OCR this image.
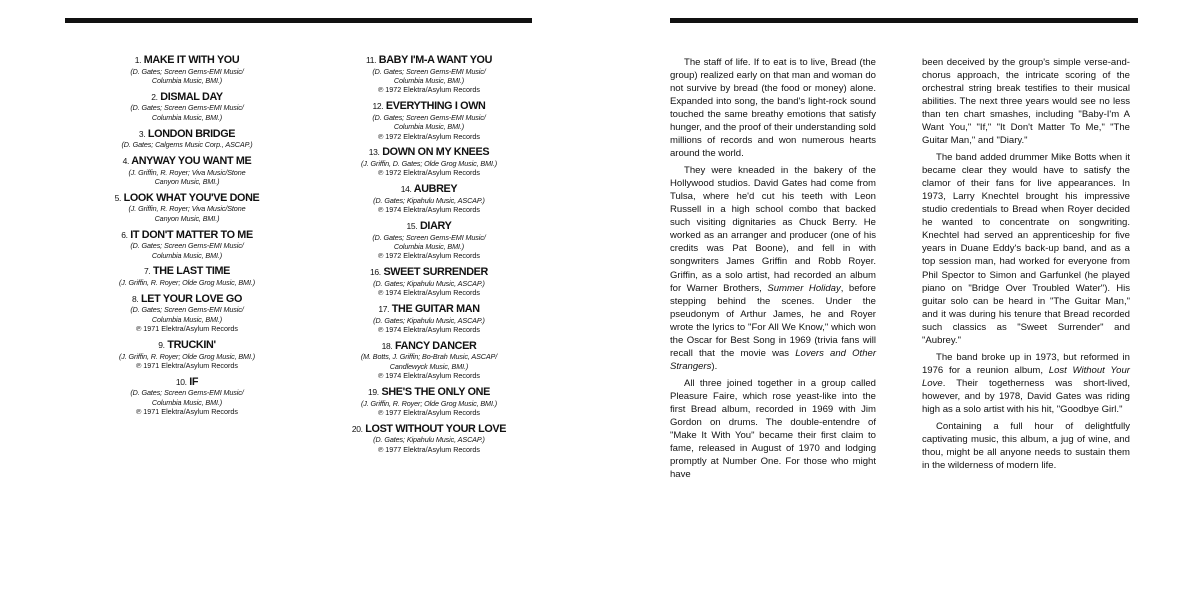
1. MAKE IT WITH YOU
(D. Gates; Screen Gems-EMI Music/
Columbia Music, BMI.)
2. DISMAL DAY
(D. Gates; Screen Gems-EMI Music/
Columbia Music, BMI.)
3. LONDON BRIDGE
(D. Gates; Calgems Music Corp., ASCAP.)
4. ANYWAY YOU WANT ME
(J. Griffin, R. Royer; Viva Music/Stone
Canyon Music, BMI.)
5. LOOK WHAT YOU'VE DONE
(J. Griffin, R. Royer; Viva Music/Stone
Canyon Music, BMI.)
6. IT DON'T MATTER TO ME
(D. Gates; Screen Gems-EMI Music/
Columbia Music, BMI.)
7. THE LAST TIME
(J. Griffin, R. Royer; Olde Grog Music, BMI.)
8. LET YOUR LOVE GO
(D. Gates; Screen Gems-EMI Music/
Columbia Music, BMI.)
℗ 1971 Elektra/Asylum Records
9. TRUCKIN'
(J. Griffin, R. Royer; Olde Grog Music, BMI.)
℗ 1971 Elektra/Asylum Records
10. IF
(D. Gates; Screen Gems-EMI Music/
Columbia Music, BMI.)
℗ 1971 Elektra/Asylum Records
11. BABY I'M-A WANT YOU
(D. Gates; Screen Gems-EMI Music/
Columbia Music, BMI.)
℗ 1972 Elektra/Asylum Records
12. EVERYTHING I OWN
(D. Gates; Screen Gems-EMI Music/
Columbia Music, BMI.)
℗ 1972 Elektra/Asylum Records
13. DOWN ON MY KNEES
(J. Griffin, D. Gates; Olde Grog Music, BMI.)
℗ 1972 Elektra/Asylum Records
14. AUBREY
(D. Gates; Kipahulu Music, ASCAP.)
℗ 1974 Elektra/Asylum Records
15. DIARY
(D. Gates; Screen Gems-EMI Music/
Columbia Music, BMI.)
℗ 1972 Elektra/Asylum Records
16. SWEET SURRENDER
(D. Gates; Kipahulu Music, ASCAP.)
℗ 1974 Elektra/Asylum Records
17. THE GUITAR MAN
(D. Gates; Kipahulu Music, ASCAP.)
℗ 1974 Elektra/Asylum Records
18. FANCY DANCER
(M. Botts, J. Griffin; Bo-Brah Music, ASCAP/
Candlewyck Music, BMI.)
℗ 1974 Elektra/Asylum Records
19. SHE'S THE ONLY ONE
(J. Griffin, R. Royer; Olde Grog Music, BMI.)
℗ 1977 Elektra/Asylum Records
20. LOST WITHOUT YOUR LOVE
(D. Gates; Kipahulu Music, ASCAP.)
℗ 1977 Elektra/Asylum Records

The staff of life. If to eat is to live, Bread (the group) realized early on that man and woman do not survive by bread (the food or money) alone. Expanded into song, the band's light-rock sound touched the same breathy emotions that satisfy hunger, and the proof of their understanding sold millions of records and won numerous hearts around the world.

They were kneaded in the bakery of the Hollywood studios. David Gates had come from Tulsa, where he'd cut his teeth with Leon Russell in a high school combo that backed such visiting dignitaries as Chuck Berry. He worked as an arranger and producer (one of his credits was Pat Boone), and fell in with songwriters James Griffin and Robb Royer. Griffin, as a solo artist, had recorded an album for Warner Brothers, Summer Holiday, before stepping behind the scenes. Under the pseudonym of Arthur James, he and Royer wrote the lyrics to "For All We Know," which won the Oscar for Best Song in 1969 (trivia fans will recall that the movie was Lovers and Other Strangers).

All three joined together in a group called Pleasure Faire, which rose yeast-like into the first Bread album, recorded in 1969 with Jim Gordon on drums. The double-entendre of "Make It With You" became their first claim to fame, released in August of 1970 and lodging promptly at Number One. For those who might have

been deceived by the group's simple verse-and-chorus approach, the intricate scoring of the orchestral string break testifies to their musical abilities. The next three years would see no less than ten chart smashes, including "Baby-I'm A Want You," "If," "It Don't Matter To Me," "The Guitar Man," and "Diary."

The band added drummer Mike Botts when it became clear they would have to satisfy the clamor of their fans for live appearances. In 1973, Larry Knechtel brought his impressive studio credentials to Bread when Royer decided he wanted to concentrate on songwriting. Knechtel had served an apprenticeship for five years in Duane Eddy's back-up band, and as a top session man, had worked for everyone from Phil Spector to Simon and Garfunkel (he played piano on "Bridge Over Troubled Water"). His guitar solo can be heard in "The Guitar Man," and it was during his tenure that Bread recorded such classics as "Sweet Surrender" and "Aubrey."

The band broke up in 1973, but reformed in 1976 for a reunion album, Lost Without Your Love. Their togetherness was short-lived, however, and by 1978, David Gates was riding high as a solo artist with his hit, "Goodbye Girl."

Containing a full hour of delightfully captivating music, this album, a jug of wine, and thou, might be all anyone needs to sustain them in the wilderness of modern life.
